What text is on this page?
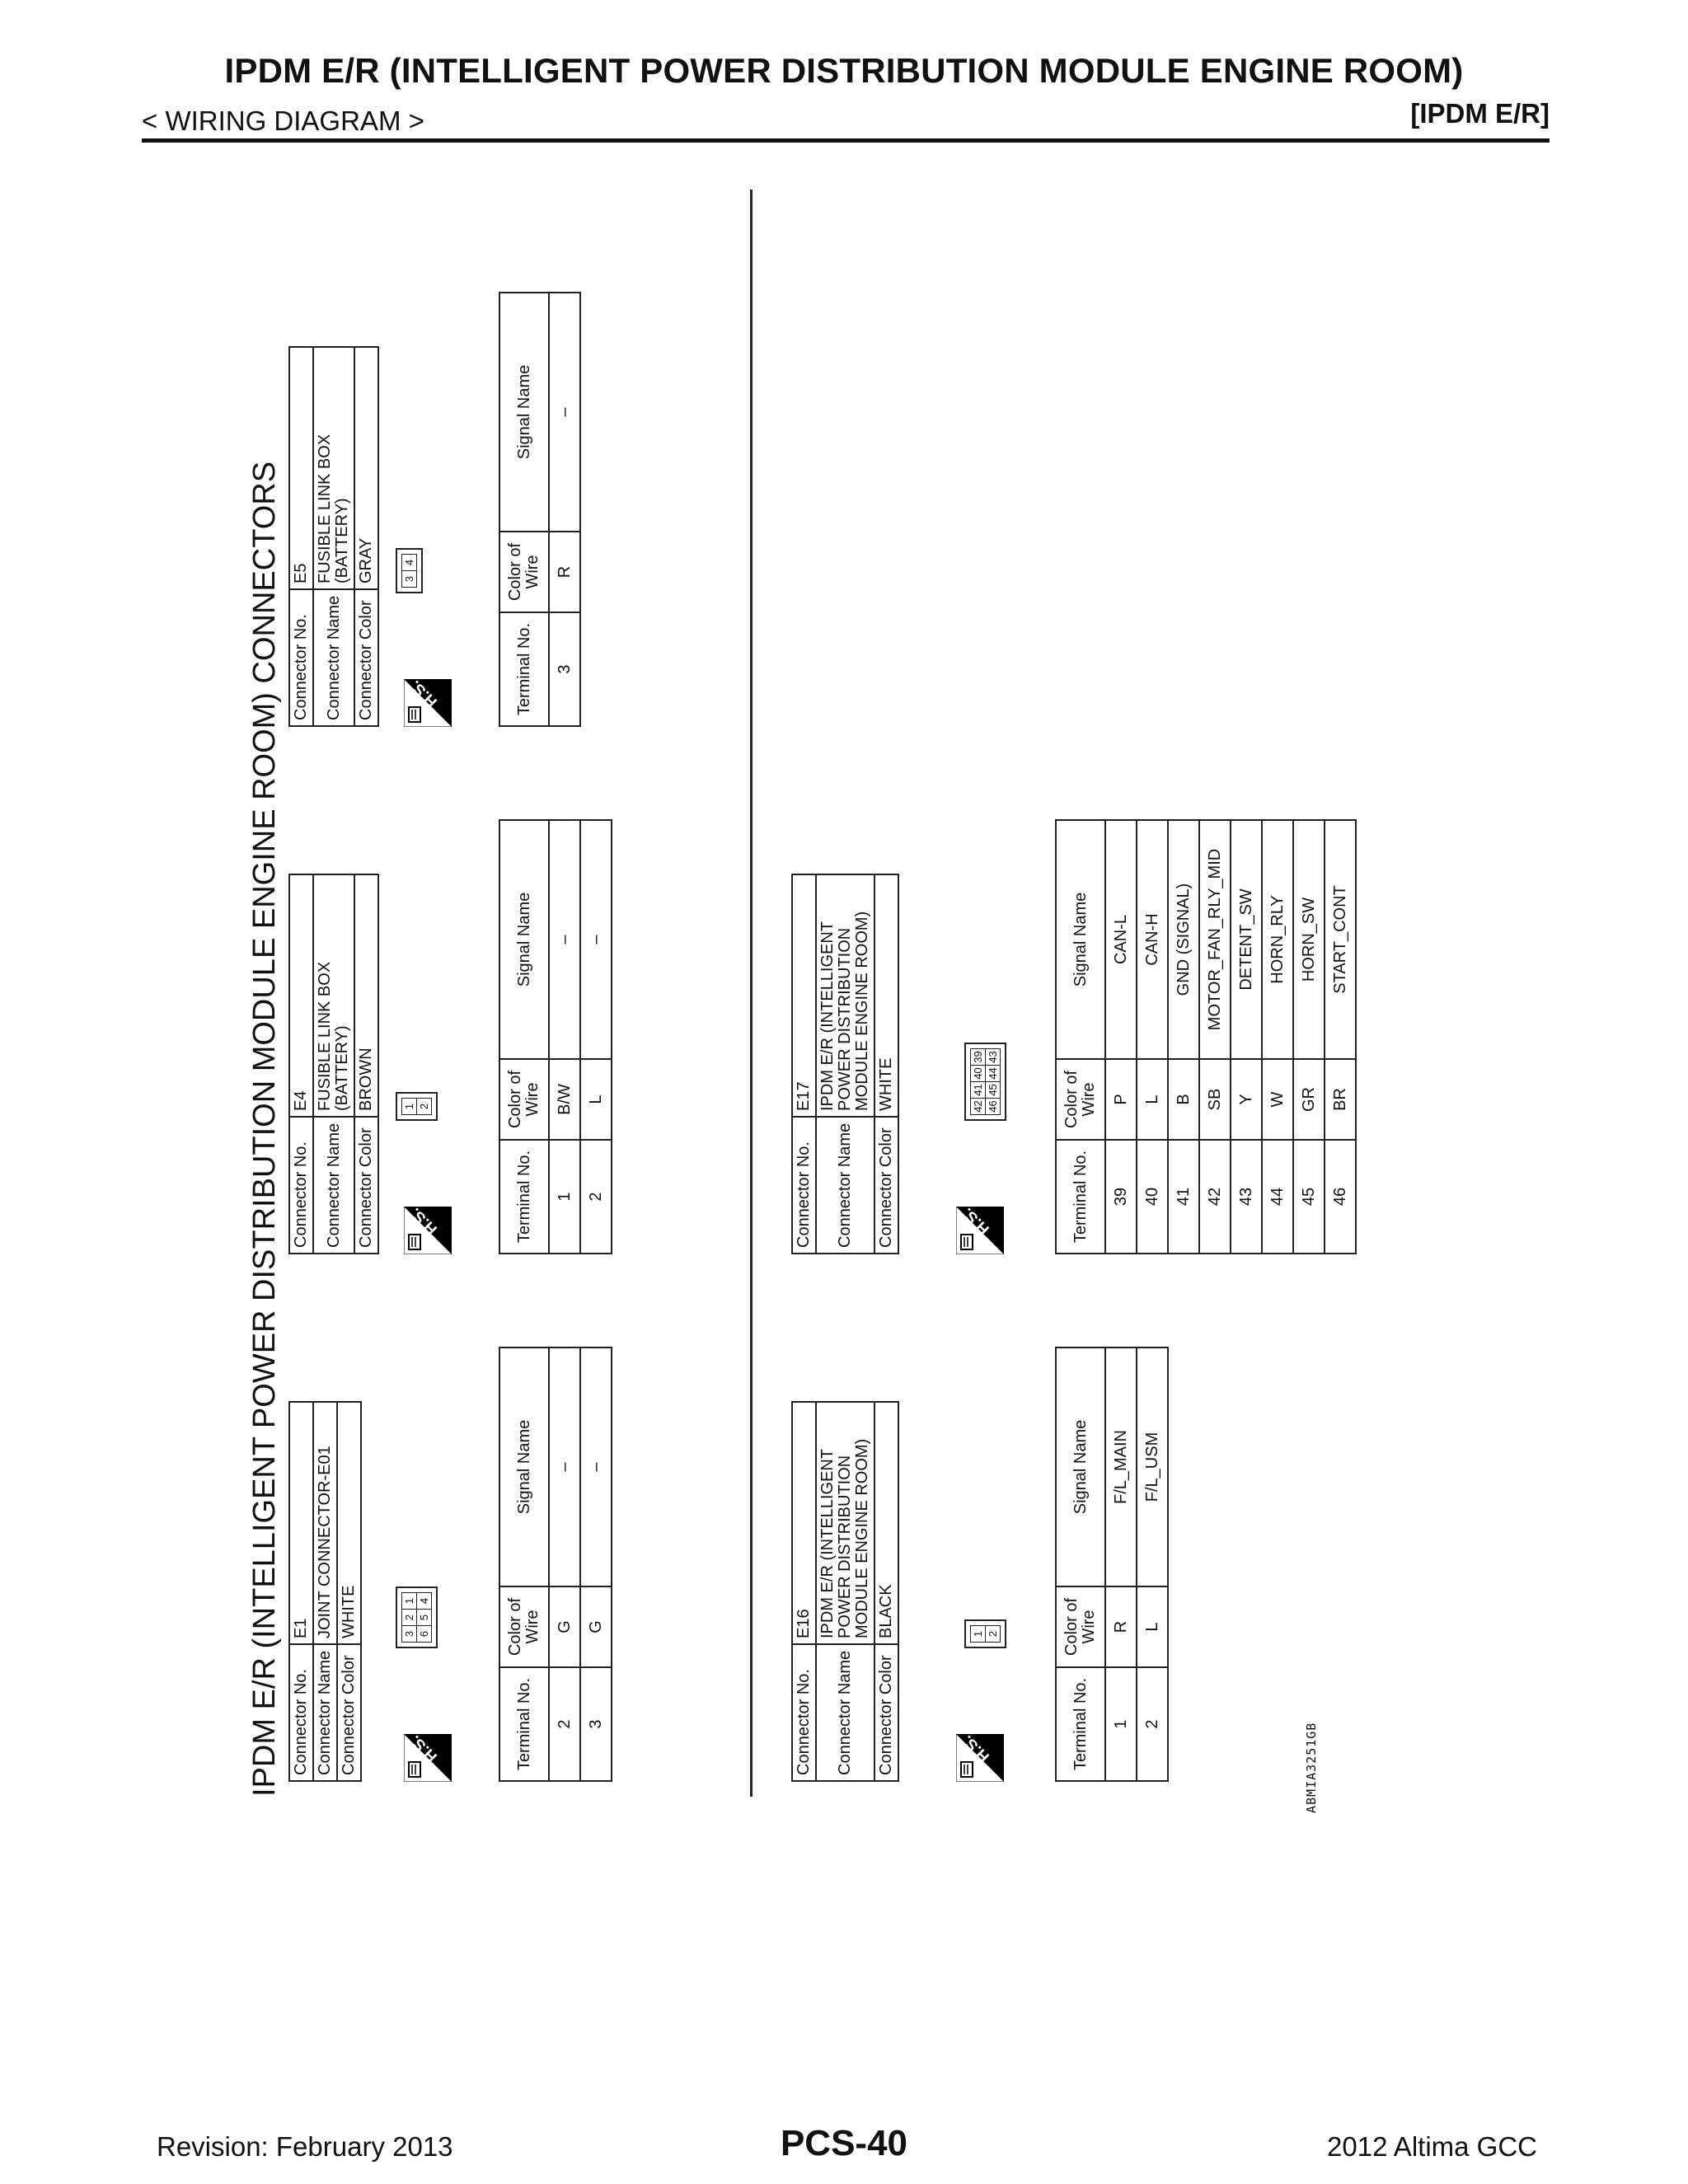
IPDM E/R (INTELLIGENT POWER DISTRIBUTION MODULE ENGINE ROOM)
< WIRING DIAGRAM >	[IPDM E/R]
IPDM E/R (INTELLIGENT POWER DISTRIBUTION MODULE ENGINE ROOM) CONNECTORS	ABMIA3251GB
Connector No.	E1
Connector Name	JOINT CONNECTOR-E01
Connector Color	WHITE
H.S.
3	2	1
6	5	4
Terminal No.	Color of Wire	Signal Name
2	G	–
3	G	–
Connector No.	E4
Connector Name	FUSIBLE LINK BOX (BATTERY)
Connector Color	BROWN
H.S.
1
2
Terminal No.	Color of Wire	Signal Name
1	B/W	–
2	L	–
Connector No.	E5
Connector Name	FUSIBLE LINK BOX (BATTERY)
Connector Color	GRAY
H.S.
3	4
Terminal No.	Color of Wire	Signal Name
3	R	–
Connector No.	E16
Connector Name	IPDM E/R (INTELLIGENT POWER DISTRIBUTION MODULE ENGINE ROOM)
Connector Color	BLACK
H.S.
1
2
Terminal No.	Color of Wire	Signal Name
1	R	F/L_MAIN
2	L	F/L_USM
Connector No.	E17
Connector Name	IPDM E/R (INTELLIGENT POWER DISTRIBUTION MODULE ENGINE ROOM)
Connector Color	WHITE
H.S.
42	41	40	39
46	45	44	43
Terminal No.	Color of Wire	Signal Name
39	P	CAN-L
40	L	CAN-H
41	B	GND (SIGNAL)
42	SB	MOTOR_FAN_RLY_MID
43	Y	DETENT_SW
44	W	HORN_RLY
45	GR	HORN_SW
46	BR	START_CONT
Revision: February 2013	PCS-40	2012 Altima GCC
